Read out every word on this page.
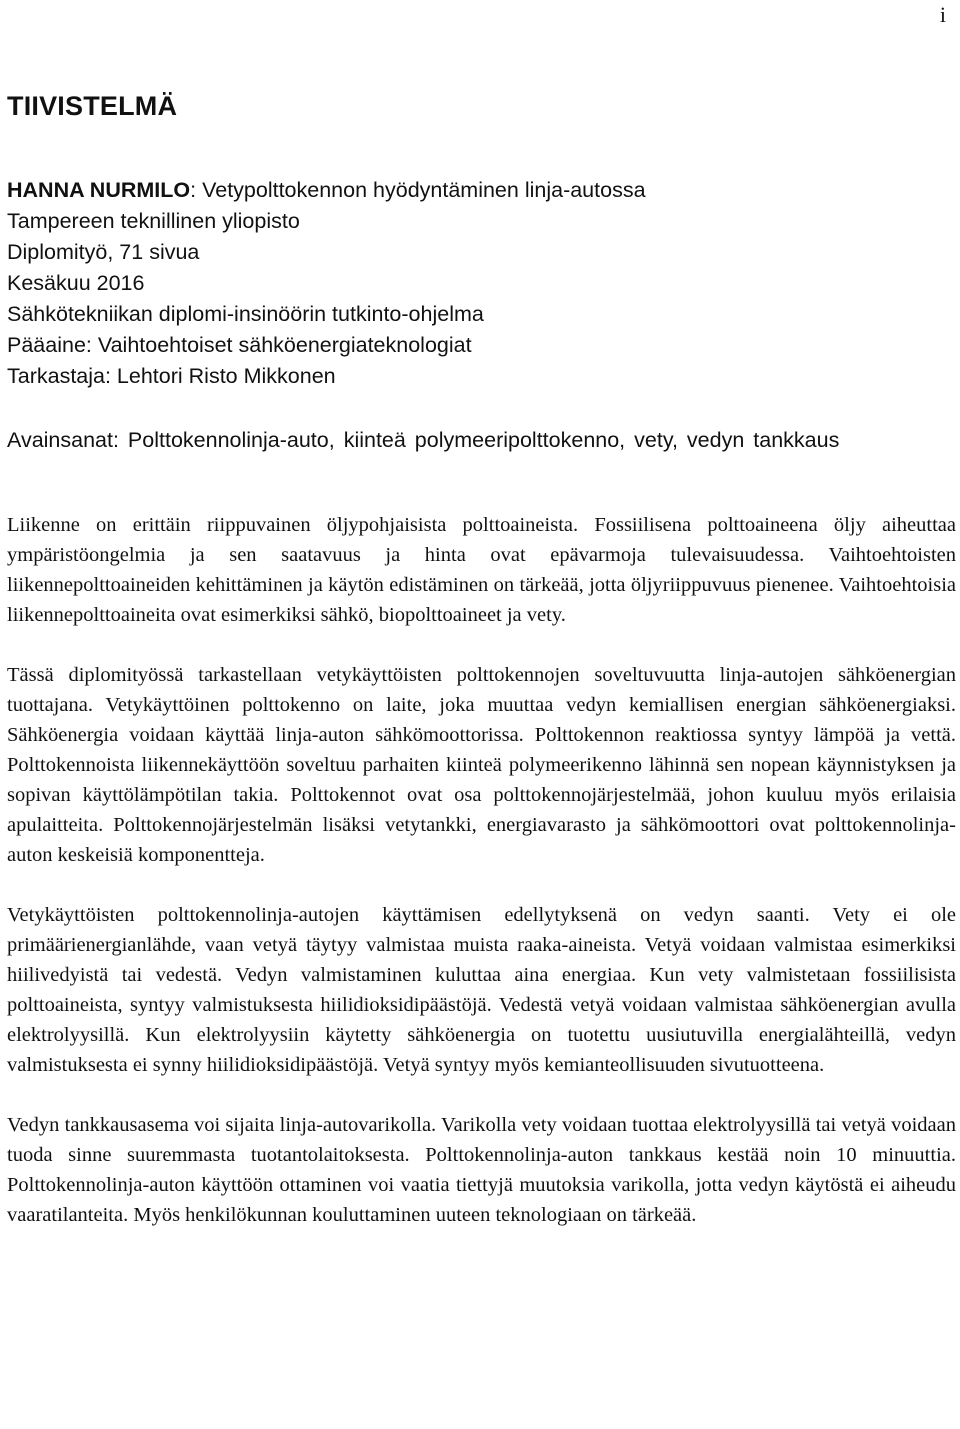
i
TIIVISTELMÄ
HANNA NURMILO: Vetypolttokennon hyödyntäminen linja-autossa
Tampereen teknillinen yliopisto
Diplomityö, 71 sivua
Kesäkuu 2016
Sähkötekniikan diplomi-insinöörin tutkinto-ohjelma
Pääaine: Vaihtoehtoiset sähköenergiateknologiat
Tarkastaja: Lehtori Risto Mikkonen

Avainsanat: Polttokennolinja-auto, kiinteä polymeeripolttokenno, vety, vedyn tankkaus

Liikenne on erittäin riippuvainen öljypohjaisista polttoaineista. Fossiilisena polttoaineena öljy aiheuttaa ympäristöongelmia ja sen saatavuus ja hinta ovat epävarmoja tulevaisuudessa. Vaihtoehtoisten liikennepolttoaineiden kehittäminen ja käytön edistäminen on tärkeää, jotta öljyriippuvuus pienenee. Vaihtoehtoisia liikennepolttoaineita ovat esimerkiksi sähkö, biopolttoaineet ja vety.

Tässä diplomityössä tarkastellaan vetykäyttöisten polttokennojen soveltuvuutta linja-autojen sähköenergian tuottajana. Vetykäyttöinen polttokenno on laite, joka muuttaa vedyn kemiallisen energian sähköenergiaksi. Sähköenergia voidaan käyttää linja-auton sähkömoottorissa. Polttokennon reaktiossa syntyy lämpöä ja vettä. Polttokennoista liikennekäyttöön soveltuu parhaiten kiinteä polymeerikenno lähinnä sen nopean käynnistyksen ja sopivan käyttölämpötilan takia. Polttokennot ovat osa polttokennojärjestelmää, johon kuuluu myös erilaisia apulaitteita. Polttokennojärjestelmän lisäksi vetytankki, energiavarasto ja sähkömoottori ovat polttokennolinja-auton keskeisiä komponentteja.

Vetykäyttöisten polttokennolinja-autojen käyttämisen edellytyksenä on vedyn saanti. Vety ei ole primäärienergianlähde, vaan vetyä täytyy valmistaa muista raaka-aineista. Vetyä voidaan valmistaa esimerkiksi hiilivedyistä tai vedestä. Vedyn valmistaminen kuluttaa aina energiaa. Kun vety valmistetaan fossiilisista polttoaineista, syntyy valmistuksesta hiilidioksidipäästöjä. Vedestä vetyä voidaan valmistaa sähköenergian avulla elektrolyysillä. Kun elektrolyysiin käytetty sähköenergia on tuotettu uusiutuvilla energialähteillä, vedyn valmistuksesta ei synny hiilidioksidipäästöjä. Vetyä syntyy myös kemianteollisuuden sivutuotteena.

Vedyn tankkausasema voi sijaita linja-autovarikolla. Varikolla vety voidaan tuottaa elektrolyysillä tai vetyä voidaan tuoda sinne suuremmasta tuotantolaitoksesta. Polttokennolinja-auton tankkaus kestää noin 10 minuuttia. Polttokennolinja-auton käyttöön ottaminen voi vaatia tiettyjä muutoksia varikolla, jotta vedyn käytöstä ei aiheudu vaaratilanteita. Myös henkilökunnan kouluttaminen uuteen teknologiaan on tärkeää.
